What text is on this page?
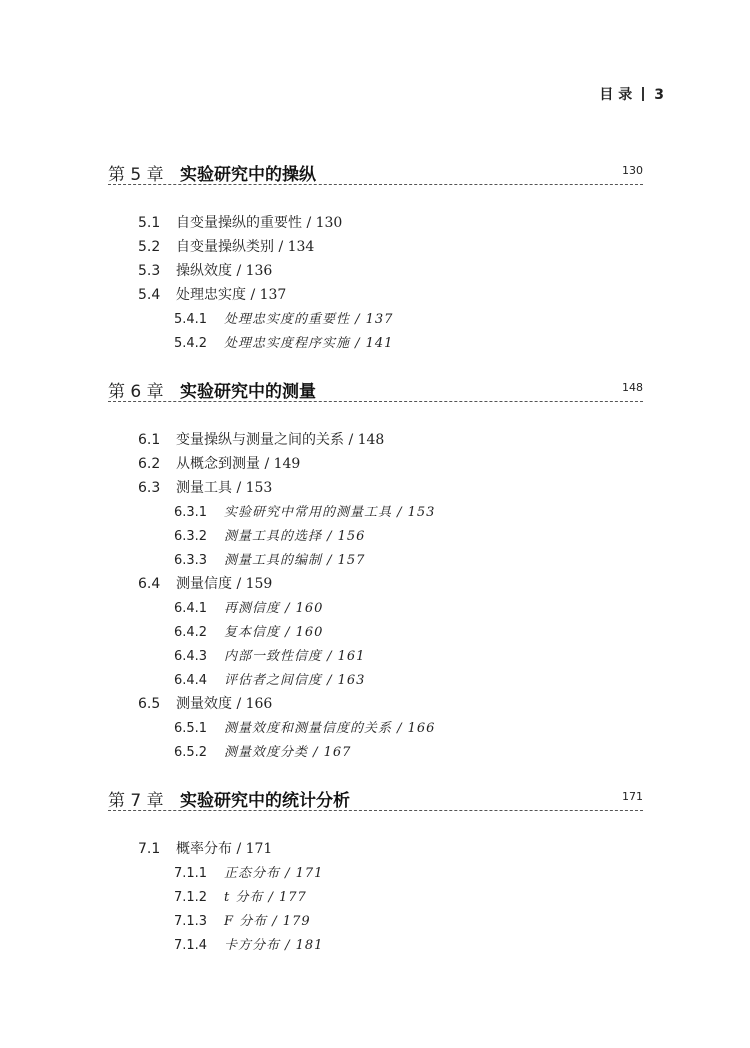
目 录 3
第 5 章 实验研究中的操纵	130
5.1 自变量操纵的重要性 / 130
5.2 自变量操纵类别 / 134
5.3 操纵效度 / 136
5.4 处理忠实度 / 137
5.4.1 处理忠实度的重要性 / 137
5.4.2 处理忠实度程序实施 / 141
第 6 章 实验研究中的测量	148
6.1 变量操纵与测量之间的关系 / 148
6.2 从概念到测量 / 149
6.3 测量工具 / 153
6.3.1 实验研究中常用的测量工具 / 153
6.3.2 测量工具的选择 / 156
6.3.3 测量工具的编制 / 157
6.4 测量信度 / 159
6.4.1 再测信度 / 160
6.4.2 复本信度 / 160
6.4.3 内部一致性信度 / 161
6.4.4 评估者之间信度 / 163
6.5 测量效度 / 166
6.5.1 测量效度和测量信度的关系 / 166
6.5.2 测量效度分类 / 167
第 7 章 实验研究中的统计分析	171
7.1 概率分布 / 171
7.1.1 正态分布 / 171
7.1.2 t 分布 / 177
7.1.3 F 分布 / 179
7.1.4 卡方分布 / 181
